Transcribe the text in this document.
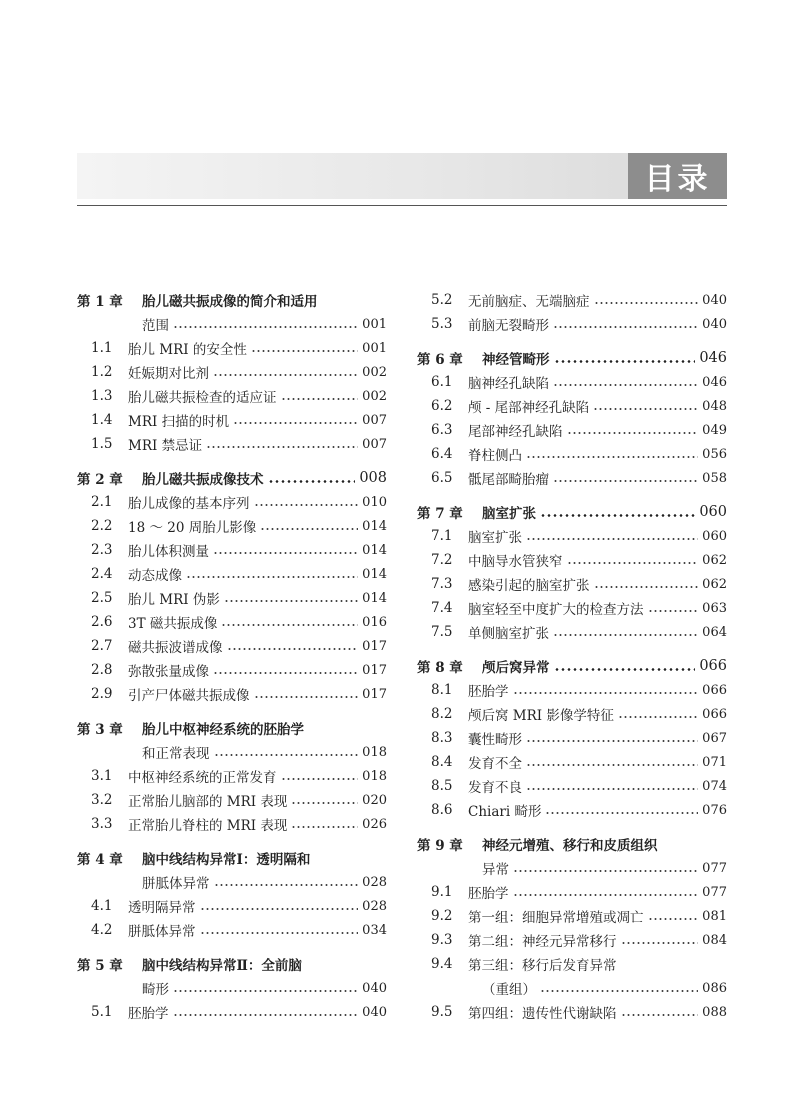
目录
第 1 章	胎儿磁共振成像的简介和适用
范围	001
1.1	胎儿 MRI 的安全性	001
1.2	妊娠期对比剂	002
1.3	胎儿磁共振检查的适应证	002
1.4	MRI 扫描的时机	007
1.5	MRI 禁忌证	007
第 2 章	胎儿磁共振成像技术	008
2.1	胎儿成像的基本序列	010
2.2	18 ～ 20 周胎儿影像	014
2.3	胎儿体积测量	014
2.4	动态成像	014
2.5	胎儿 MRI 伪影	014
2.6	3T 磁共振成像	016
2.7	磁共振波谱成像	017
2.8	弥散张量成像	017
2.9	引产尸体磁共振成像	017
第 3 章	胎儿中枢神经系统的胚胎学
和正常表现	018
3.1	中枢神经系统的正常发育	018
3.2	正常胎儿脑部的 MRI 表现	020
3.3	正常胎儿脊柱的 MRI 表现	026
第 4 章	脑中线结构异常Ⅰ：透明隔和
胼胝体异常	028
4.1	透明隔异常	028
4.2	胼胝体异常	034
第 5 章	脑中线结构异常Ⅱ：全前脑
畸形	040
5.1	胚胎学	040
5.2	无前脑症、无端脑症	040
5.3	前脑无裂畸形	040
第 6 章	神经管畸形	046
6.1	脑神经孔缺陷	046
6.2	颅 - 尾部神经孔缺陷	048
6.3	尾部神经孔缺陷	049
6.4	脊柱侧凸	056
6.5	骶尾部畸胎瘤	058
第 7 章	脑室扩张	060
7.1	脑室扩张	060
7.2	中脑导水管狭窄	062
7.3	感染引起的脑室扩张	062
7.4	脑室轻至中度扩大的检查方法	063
7.5	单侧脑室扩张	064
第 8 章	颅后窝异常	066
8.1	胚胎学	066
8.2	颅后窝 MRI 影像学特征	066
8.3	囊性畸形	067
8.4	发育不全	071
8.5	发育不良	074
8.6	Chiari 畸形	076
第 9 章	神经元增殖、移行和皮质组织
异常	077
9.1	胚胎学	077
9.2	第一组：细胞异常增殖或凋亡	081
9.3	第二组：神经元异常移行	084
9.4	第三组：移行后发育异常
（重组）	086
9.5	第四组：遗传性代谢缺陷	088
